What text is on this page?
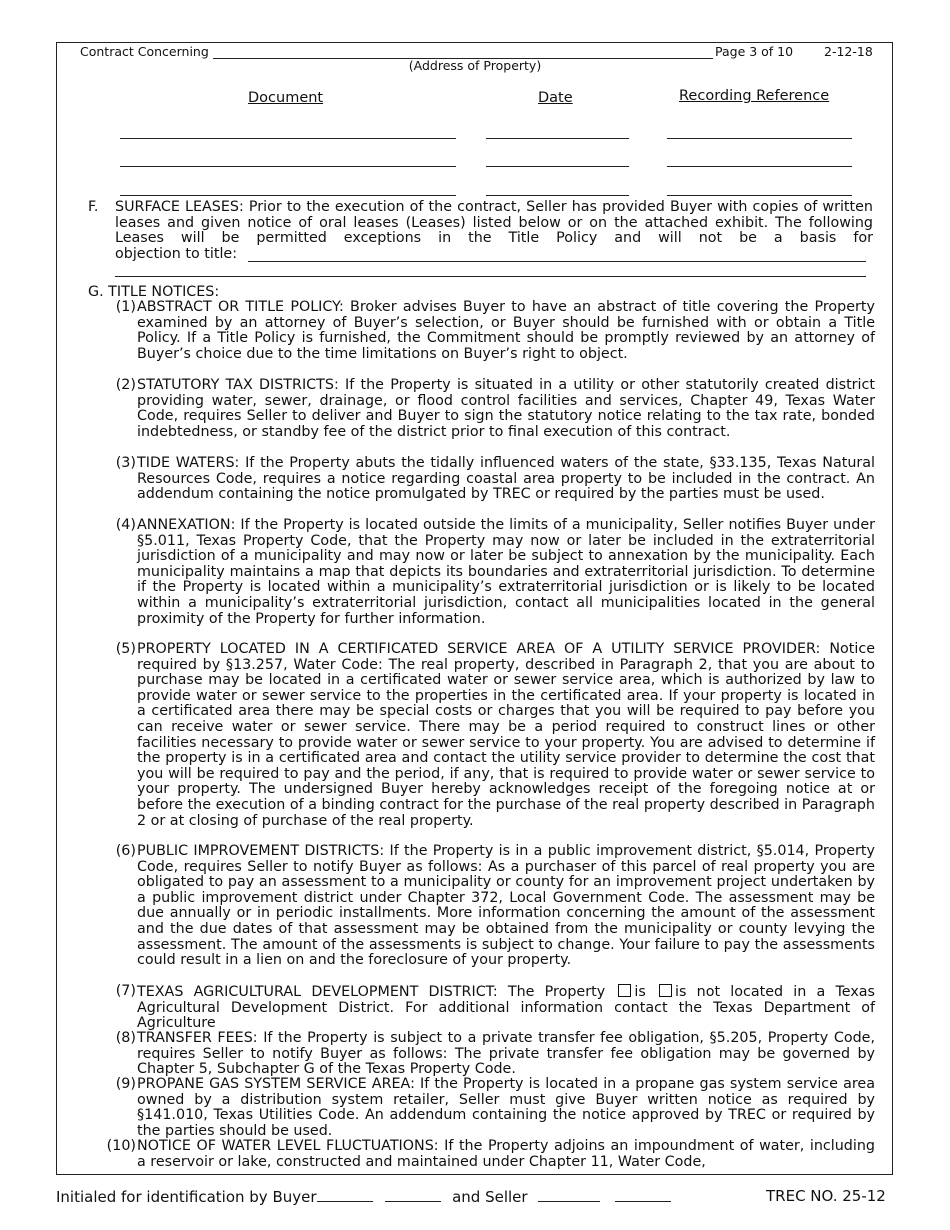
Contract Concerning	Page 3 of 10 2-12-18
(Address of Property)
Document	Date	Recording Reference
F. SURFACE LEASES: Prior to the execution of the contract, Seller has provided Buyer with copies of written leases and given notice of oral leases (Leases) listed below or on the attached exhibit. The following Leases will be permitted exceptions in the Title Policy and will not be a basis for
objection to title:
G. TITLE NOTICES:
(1) ABSTRACT OR TITLE POLICY: Broker advises Buyer to have an abstract of title covering the Property examined by an attorney of Buyer’s selection, or Buyer should be furnished with or obtain a Title Policy. If a Title Policy is furnished, the Commitment should be promptly reviewed by an attorney of Buyer’s choice due to the time limitations on Buyer’s right to object.
(2) STATUTORY TAX DISTRICTS: If the Property is situated in a utility or other statutorily created district providing water, sewer, drainage, or flood control facilities and services, Chapter 49, Texas Water Code, requires Seller to deliver and Buyer to sign the statutory notice relating to the tax rate, bonded indebtedness, or standby fee of the district prior to final execution of this contract.
(3) TIDE WATERS: If the Property abuts the tidally influenced waters of the state, §33.135, Texas Natural Resources Code, requires a notice regarding coastal area property to be included in the contract. An addendum containing the notice promulgated by TREC or required by the parties must be used.
(4) ANNEXATION: If the Property is located outside the limits of a municipality, Seller notifies Buyer under §5.011, Texas Property Code, that the Property may now or later be included in the extraterritorial jurisdiction of a municipality and may now or later be subject to annexation by the municipality. Each municipality maintains a map that depicts its boundaries and extraterritorial jurisdiction. To determine if the Property is located within a municipality’s extraterritorial jurisdiction or is likely to be located within a municipality’s extraterritorial jurisdiction, contact all municipalities located in the general proximity of the Property for further information.
(5) PROPERTY LOCATED IN A CERTIFICATED SERVICE AREA OF A UTILITY SERVICE PROVIDER: Notice required by §13.257, Water Code: The real property, described in Paragraph 2, that you are about to purchase may be located in a certificated water or sewer service area, which is authorized by law to provide water or sewer service to the properties in the certificated area. If your property is located in a certificated area there may be special costs or charges that you will be required to pay before you can receive water or sewer service. There may be a period required to construct lines or other facilities necessary to provide water or sewer service to your property. You are advised to determine if the property is in a certificated area and contact the utility service provider to determine the cost that you will be required to pay and the period, if any, that is required to provide water or sewer service to your property. The undersigned Buyer hereby acknowledges receipt of the foregoing notice at or before the execution of a binding contract for the purchase of the real property described in Paragraph 2 or at closing of purchase of the real property.
(6) PUBLIC IMPROVEMENT DISTRICTS: If the Property is in a public improvement district, §5.014, Property Code, requires Seller to notify Buyer as follows: As a purchaser of this parcel of real property you are obligated to pay an assessment to a municipality or county for an improvement project undertaken by a public improvement district under Chapter 372, Local Government Code. The assessment may be due annually or in periodic installments. More information concerning the amount of the assessment and the due dates of that assessment may be obtained from the municipality or county levying the assessment. The amount of the assessments is subject to change. Your failure to pay the assessments could result in a lien on and the foreclosure of your property.
(7) TEXAS AGRICULTURAL DEVELOPMENT DISTRICT: The Property is is not located in a Texas Agricultural Development District. For additional information contact the Texas Department of Agriculture
(8) TRANSFER FEES: If the Property is subject to a private transfer fee obligation, §5.205, Property Code, requires Seller to notify Buyer as follows: The private transfer fee obligation may be governed by Chapter 5, Subchapter G of the Texas Property Code.
(9) PROPANE GAS SYSTEM SERVICE AREA: If the Property is located in a propane gas system service area owned by a distribution system retailer, Seller must give Buyer written notice as required by §141.010, Texas Utilities Code. An addendum containing the notice approved by TREC or required by the parties should be used.
(10) NOTICE OF WATER LEVEL FLUCTUATIONS: If the Property adjoins an impoundment of water, including a reservoir or lake, constructed and maintained under Chapter 11, Water Code,
Initialed for identification by Buyer	and Seller	TREC NO. 25-12
